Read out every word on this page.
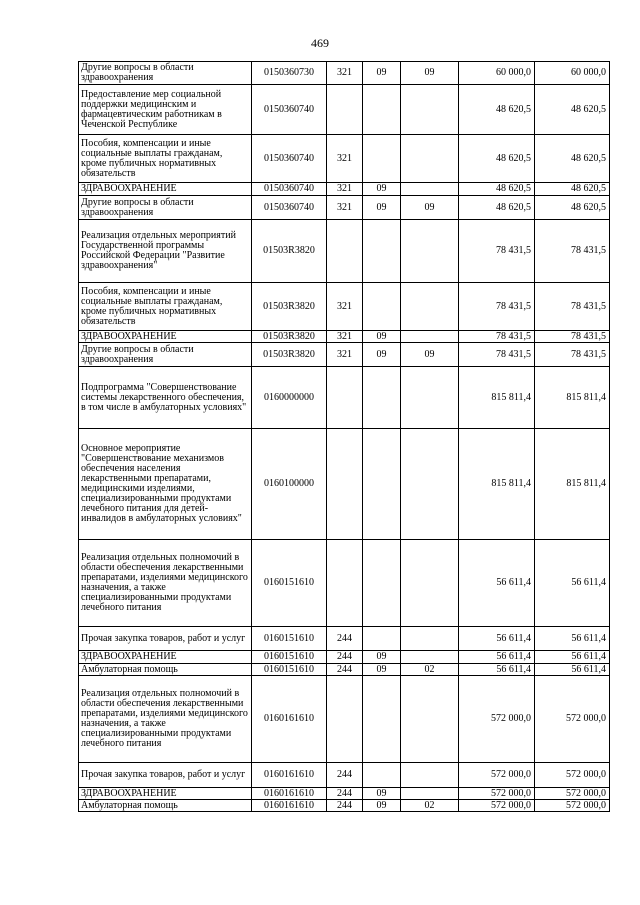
469
Другие вопросы в области здравоохранения	0150360730	321	09	09	60 000,0	60 000,0
Предоставление мер социальной поддержки медицинским и фармацевтическим работникам в Чеченской Республике	0150360740				48 620,5	48 620,5
Пособия, компенсации и иные социальные выплаты гражданам, кроме публичных нормативных обязательств	0150360740	321			48 620,5	48 620,5
ЗДРАВООХРАНЕНИЕ	0150360740	321	09		48 620,5	48 620,5
Другие вопросы в области здравоохранения	0150360740	321	09	09	48 620,5	48 620,5
Реализация отдельных мероприятий Государственной программы Российской Федерации "Развитие здравоохранения"	01503R3820				78 431,5	78 431,5
Пособия, компенсации и иные социальные выплаты гражданам, кроме публичных нормативных обязательств	01503R3820	321			78 431,5	78 431,5
ЗДРАВООХРАНЕНИЕ	01503R3820	321	09		78 431,5	78 431,5
Другие вопросы в области здравоохранения	01503R3820	321	09	09	78 431,5	78 431,5
Подпрограмма "Совершенствование системы лекарственного обеспечения, в том числе в амбулаторных условиях"	0160000000				815 811,4	815 811,4
Основное мероприятие "Совершенствование механизмов обеспечения населения лекарственными препаратами, медицинскими изделиями, специализированными продуктами лечебного питания для детей-инвалидов в амбулаторных условиях"	0160100000				815 811,4	815 811,4
Реализация отдельных полномочий в области обеспечения лекарственными препаратами, изделиями медицинского назначения, а также специализированными продуктами лечебного питания	0160151610				56 611,4	56 611,4
Прочая закупка товаров, работ и услуг	0160151610	244			56 611,4	56 611,4
ЗДРАВООХРАНЕНИЕ	0160151610	244	09		56 611,4	56 611,4
Амбулаторная помощь	0160151610	244	09	02	56 611,4	56 611,4
Реализация отдельных полномочий в области обеспечения лекарственными препаратами, изделиями медицинского назначения, а также специализированными продуктами лечебного питания	0160161610				572 000,0	572 000,0
Прочая закупка товаров, работ и услуг	0160161610	244			572 000,0	572 000,0
ЗДРАВООХРАНЕНИЕ	0160161610	244	09		572 000,0	572 000,0
Амбулаторная помощь	0160161610	244	09	02	572 000,0	572 000,0
